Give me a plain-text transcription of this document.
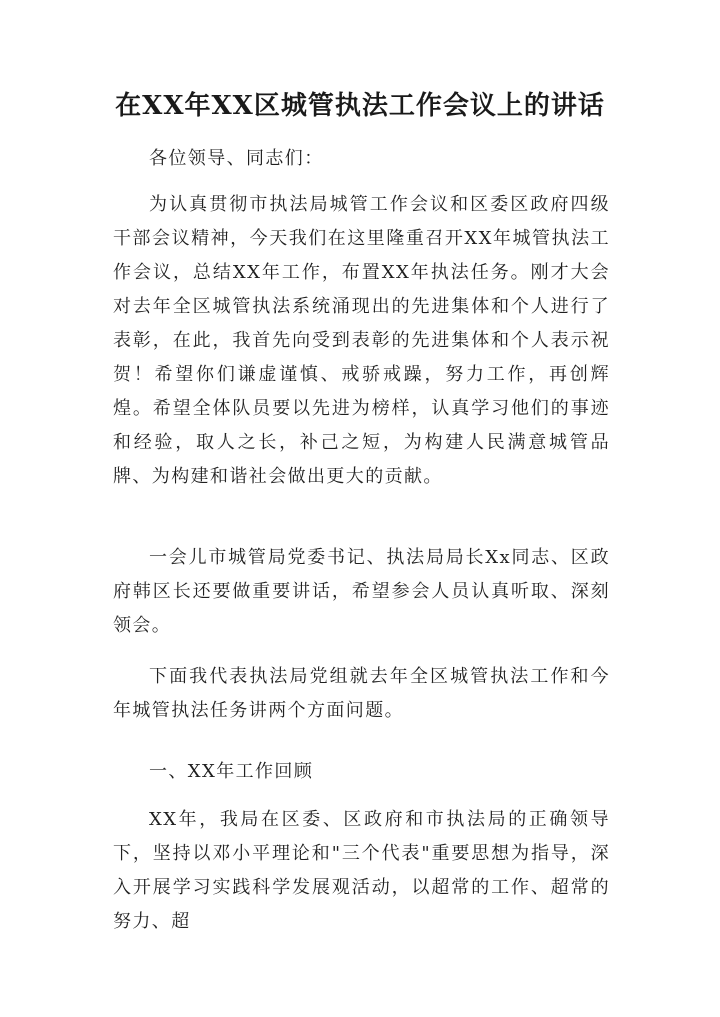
在XX年XX区城管执法工作会议上的讲话

各位领导、同志们：

为认真贯彻市执法局城管工作会议和区委区政府四级干部会议精神，今天我们在这里隆重召开XX年城管执法工作会议，总结XX年工作，布置XX年执法任务。刚才大会对去年全区城管执法系统涌现出的先进集体和个人进行了表彰，在此，我首先向受到表彰的先进集体和个人表示祝贺！希望你们谦虚谨慎、戒骄戒躁，努力工作，再创辉煌。希望全体队员要以先进为榜样，认真学习他们的事迹和经验，取人之长，补己之短，为构建人民满意城管品牌、为构建和谐社会做出更大的贡献。

一会儿市城管局党委书记、执法局局长Xx同志、区政府韩区长还要做重要讲话，希望参会人员认真听取、深刻领会。

下面我代表执法局党组就去年全区城管执法工作和今年城管执法任务讲两个方面问题。

一、XX年工作回顾

XX年，我局在区委、区政府和市执法局的正确领导下，坚持以邓小平理论和"三个代表"重要思想为指导，深入开展学习实践科学发展观活动，以超常的工作、超常的努力、超
